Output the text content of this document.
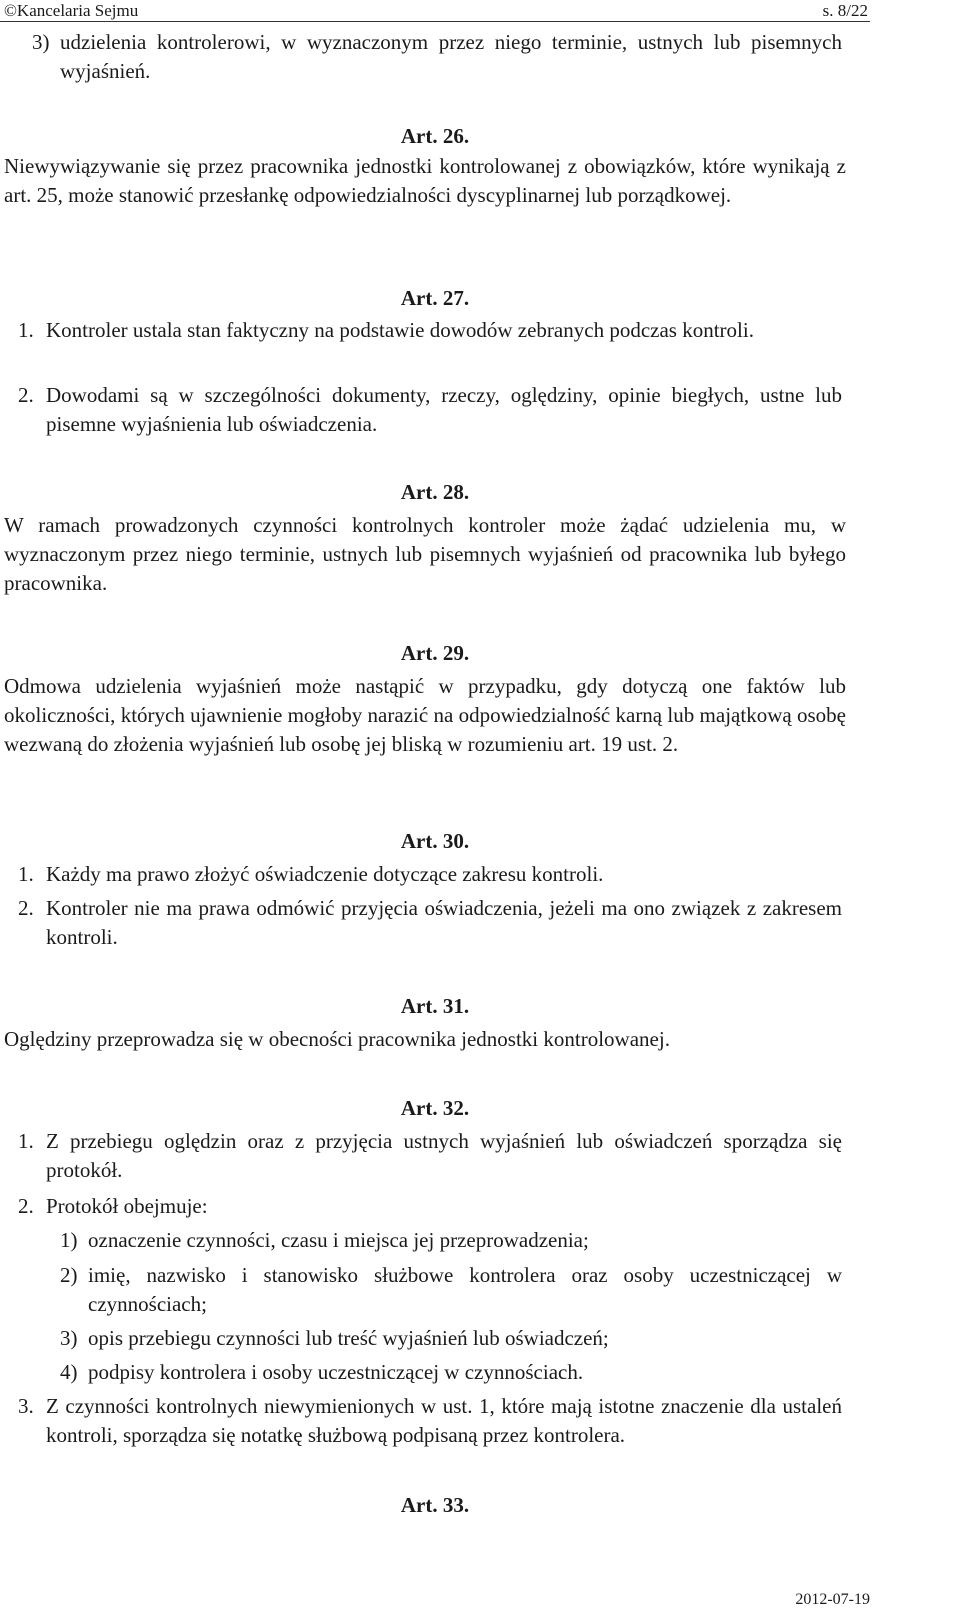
©Kancelaria Sejmu	s. 8/22
3) udzielenia kontrolerowi, w wyznaczonym przez niego terminie, ustnych lub pisemnych wyjaśnień.
Art. 26.
Niewywiązywanie się przez pracownika jednostki kontrolowanej z obowiązków, które wynikają z art. 25, może stanowić przesłankę odpowiedzialności dyscyplinarnej lub porządkowej.
Art. 27.
1. Kontroler ustala stan faktyczny na podstawie dowodów zebranych podczas kontroli.
2. Dowodami są w szczególności dokumenty, rzeczy, oględziny, opinie biegłych, ustne lub pisemne wyjaśnienia lub oświadczenia.
Art. 28.
W ramach prowadzonych czynności kontrolnych kontroler może żądać udzielenia mu, w wyznaczonym przez niego terminie, ustnych lub pisemnych wyjaśnień od pracownika lub byłego pracownika.
Art. 29.
Odmowa udzielenia wyjaśnień może nastąpić w przypadku, gdy dotyczą one faktów lub okoliczności, których ujawnienie mogłoby narazić na odpowiedzialność karną lub majątkową osobę wezwaną do złożenia wyjaśnień lub osobę jej bliską w rozumieniu art. 19 ust. 2.
Art. 30.
1. Każdy ma prawo złożyć oświadczenie dotyczące zakresu kontroli.
2. Kontroler nie ma prawa odmówić przyjęcia oświadczenia, jeżeli ma ono związek z zakresem kontroli.
Art. 31.
Oględziny przeprowadza się w obecności pracownika jednostki kontrolowanej.
Art. 32.
1. Z przebiegu oględzin oraz z przyjęcia ustnych wyjaśnień lub oświadczeń sporządza się protokół.
2. Protokół obejmuje:
1) oznaczenie czynności, czasu i miejsca jej przeprowadzenia;
2) imię, nazwisko i stanowisko służbowe kontrolera oraz osoby uczestniczącej w czynnościach;
3) opis przebiegu czynności lub treść wyjaśnień lub oświadczeń;
4) podpisy kontrolera i osoby uczestniczącej w czynnościach.
3. Z czynności kontrolnych niewymienionych w ust. 1, które mają istotne znaczenie dla ustaleń kontroli, sporządza się notatkę służbową podpisaną przez kontrolera.
Art. 33.
2012-07-19
